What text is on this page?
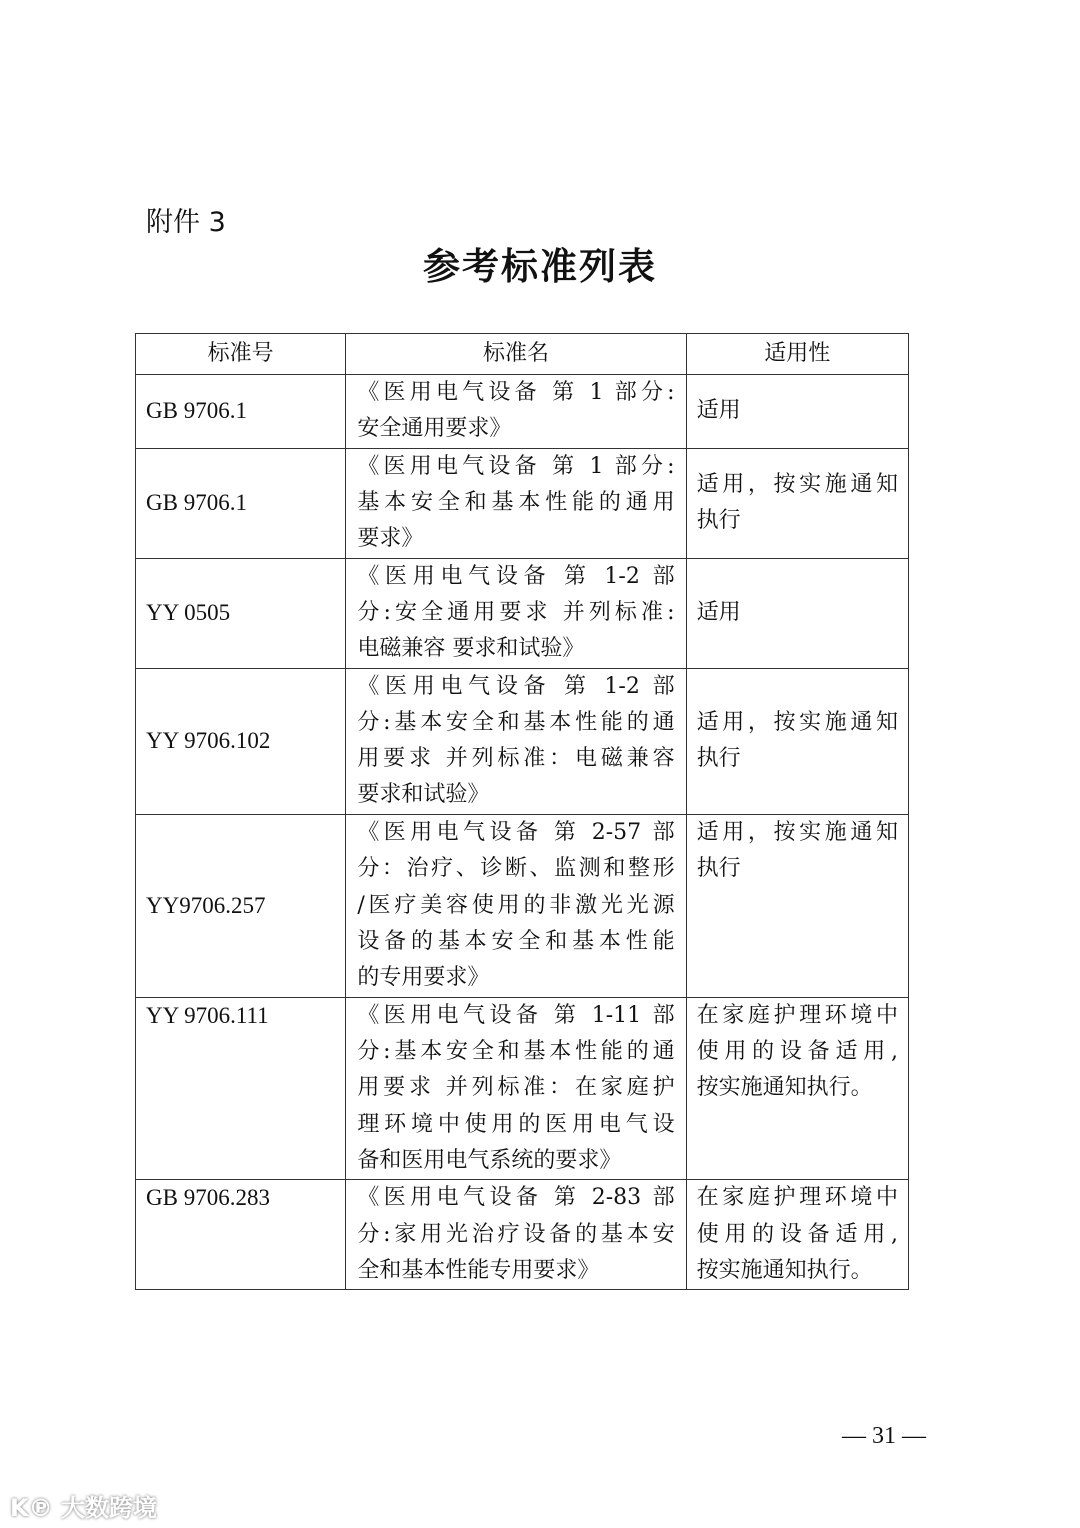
附件 3
参考标准列表
标准号	标准名	适用性
GB 9706.1	《医用电气设备 第 1 部分:
安全通用要求》	适用

GB 9706.1	《医用电气设备 第 1 部分:
基本安全和基本性能的通用
要求》	适用，按实施通知
执行

YY 0505	《医用电气设备 第 1-2 部
分:安全通用要求 并列标准:
电磁兼容 要求和试验》	适用

YY 9706.102	《医用电气设备 第 1-2 部
分:基本安全和基本性能的通
用要求 并列标准：电磁兼容
要求和试验》	适用，按实施通知
执行

YY9706.257	《医用电气设备 第 2-57 部
分：治疗、诊断、监测和整形
/医疗美容使用的非激光光源
设备的基本安全和基本性能
的专用要求》	适用，按实施通知
执行

YY 9706.111	《医用电气设备 第 1-11 部
分:基本安全和基本性能的通
用要求 并列标准：在家庭护
理环境中使用的医用电气设
备和医用电气系统的要求》	在家庭护理环境中
使用的设备适用,
按实施通知执行。

GB 9706.283	《医用电气设备 第 2-83 部
分:家用光治疗设备的基本安
全和基本性能专用要求》	在家庭护理环境中
使用的设备适用,
按实施通知执行。
— 31 —
K℗ 大数跨境
